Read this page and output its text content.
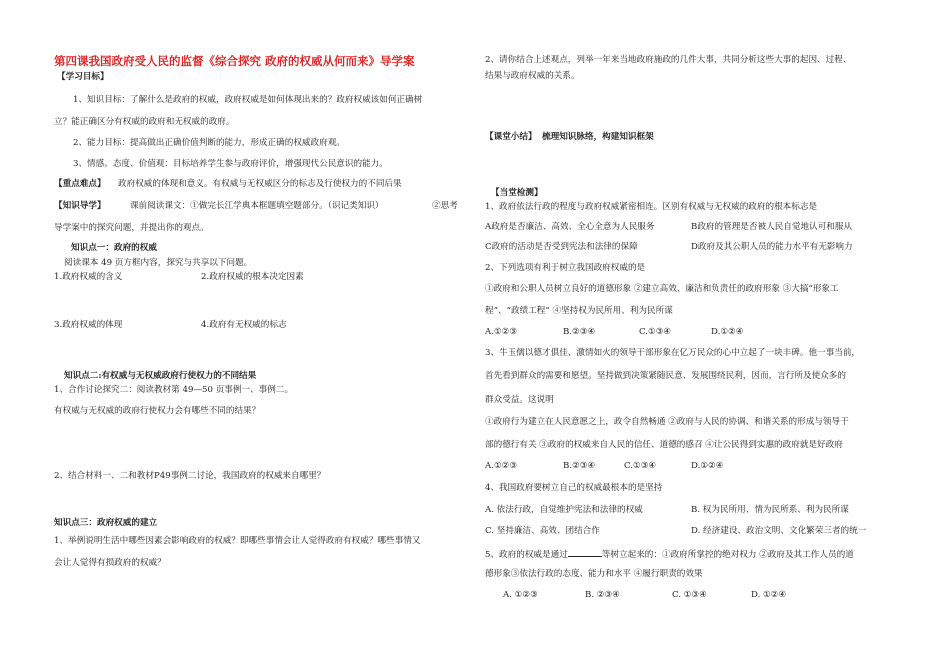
第四课我国政府受人民的监督《综合探究 政府的权威从何而来》导学案
【学习目标】
1、知识目标：了解什么是政府的权威，政府权威是如何体现出来的？政府权威该如何正确树
立？能正确区分有权威的政府和无权威的政府。
2、能力目标：提高做出正确价值判断的能力，形成正确的权威政府观。
3、情感、态度、价值观：目标培养学生参与政府评价，增强现代公民意识的能力。
【重点难点】 政府权威的体现和意义。有权威与无权威区分的标志及行使权力的不同后果
【知识导学】	课前阅读课文：①做完长江学典本框题填空题部分。（识记类知识）	②思考
导学案中的探究问题，并提出你的观点。
知识点一：政府的权威
阅读课本 49 页方框内容，探究与共享以下问题。
1.政府权威的含义	2.政府权威的根本决定因素
3.政府权威的体现	4.政府有无权威的标志
知识点二:有权威与无权威政府行使权力的不同结果
1、合作讨论探究二：阅读教材第 49—50 页事例一、事例二。
有权威与无权威的政府行使权力会有哪些不同的结果？
2、结合材料一、二和教材P49事例二讨论，我国政府的权威来自哪里？
知识点三：政府权威的建立
1、举例说明生活中哪些因素会影响政府的权威？即哪些事情会让人觉得政府有权威？哪些事情又
会让人觉得有损政府的权威？
2、请你结合上述观点，列举一年来当地政府施政的几件大事，共同分析这些大事的起因、过程、
结果与政府权威的关系。
【课堂小结】 梳理知识脉络，构建知识框架
【当堂检测】
1、政府依法行政的程度与政府权威紧密相连。区别有权威与无权威的政府的根本标志是
A政府是否廉洁、高效、全心全意为人民服务	B政府的管理是否被人民自觉地认可和服从
C政府的活动是否受到宪法和法律的保障	D政府及其公职人员的能力水平有无影响力
2、下列选项有利于树立我国政府权威的是
①政府和公职人员树立良好的道德形象 ②建立高效、廉洁和负责任的政府形象 ③大搞“形象工
程”、“政绩工程” ④坚持权为民所用、利为民所谋
A.①②③	B.②③④	C.①③④	D.①②④
3、牛玉儒以德才俱佳、激情如火的领导干部形象在亿万民众的心中立起了一块丰碑。他一事当前，
首先看到群众的需要和愿望。坚持做到决策紧随民意、发展围绕民利，因而，言行所及使众多的
群众受益。这说明
①政府行为建立在人民意愿之上，政令自然畅通 ②政府与人民的协调、和谐关系的形成与领导干
部的德行有关 ③政府的权威来自人民的信任、道德的感召 ④让公民得到实惠的政府就是好政府
A.①②③	B.②③④	C.①③④	D.①②④
4、我国政府要树立自己的权威最根本的是坚持
A. 依法行政，自觉维护宪法和法律的权威	B. 权为民所用、情为民所系、利为民所谋
C. 坚持廉洁、高效、团结合作	D. 经济建设、政治文明、文化繁荣三者的统一
5、政府的权威是通过	等树立起来的：①政府所掌控的绝对权力 ②政府及其工作人员的道
德形象③依法行政的态度、能力和水平 ④履行职责的效果
A. ①②③	B. ②③④	C. ①③④	D. ①②④
